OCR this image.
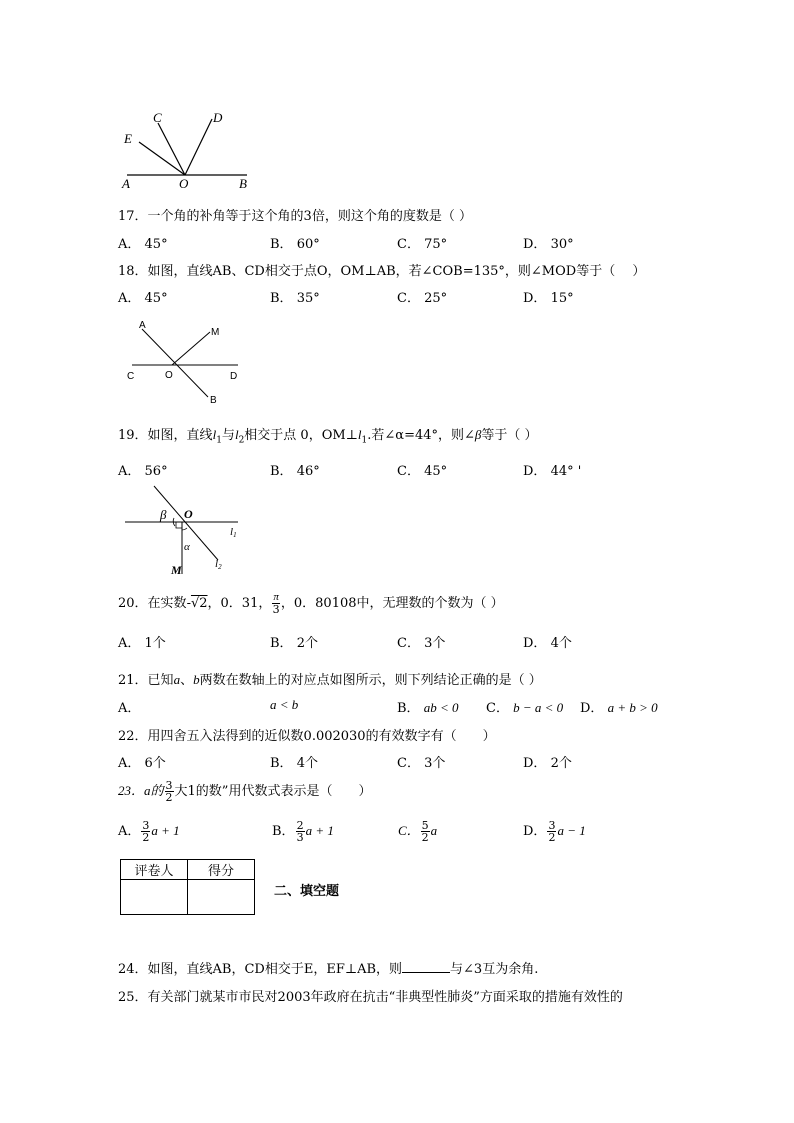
E
C	D
A	O	B
17．一个角的补角等于这个角的3倍，则这个角的度数是（ ）
A． 45°	B． 60°	C． 75°	D． 30°
18．如图，直线AB、CD相交于点O，OM⊥AB，若∠COB=135°，则∠MOD等于（　 ）
A． 45°	B． 35°	C． 25°	D． 15°
A
M
C	O	D
B
19．如图，直线$l_1$与$l_2$相交于点 0，$OM\perp l_1$.若∠α=44°，则∠β等于（ ）
A． 56°	B． 46°	C． 45°	D． 44° '
β O
α
M
l1
l2
20．在实数-√2，0．31， $\frac{\pi}{3}$ ，0．80108中，无理数的个数为（ ）
A． 1个	B． 2个	C． 3个	D． 4个
21．已知a、b两数在数轴上的对应点如图所示，则下列结论正确的是（ ）
A．	a < b	B． ab < 0 C． b − a < 0 D． a + b > 0
22．用四舍五入法得到的近似数0.002030的有效数字有（　　）
A． 6个	B． 4个	C． 3个	D． 2个
23．a的 $\frac{3}{2}$ 大1的数”用代数式表示是（　　）
A． $\frac{3}{2}$ a + 1	B． $\frac{2}{3}$ a + 1	C． $\frac{5}{2}$ a	D． $\frac{3}{2}$ a − 1
评卷人	得分

二、填空题
24．如图，直线AB，CD相交于E，EF⊥AB，则	与∠3互为余角.
25．有关部门就某市市民对2003年政府在抗击“非典型性肺炎”方面采取的措施有效性的
